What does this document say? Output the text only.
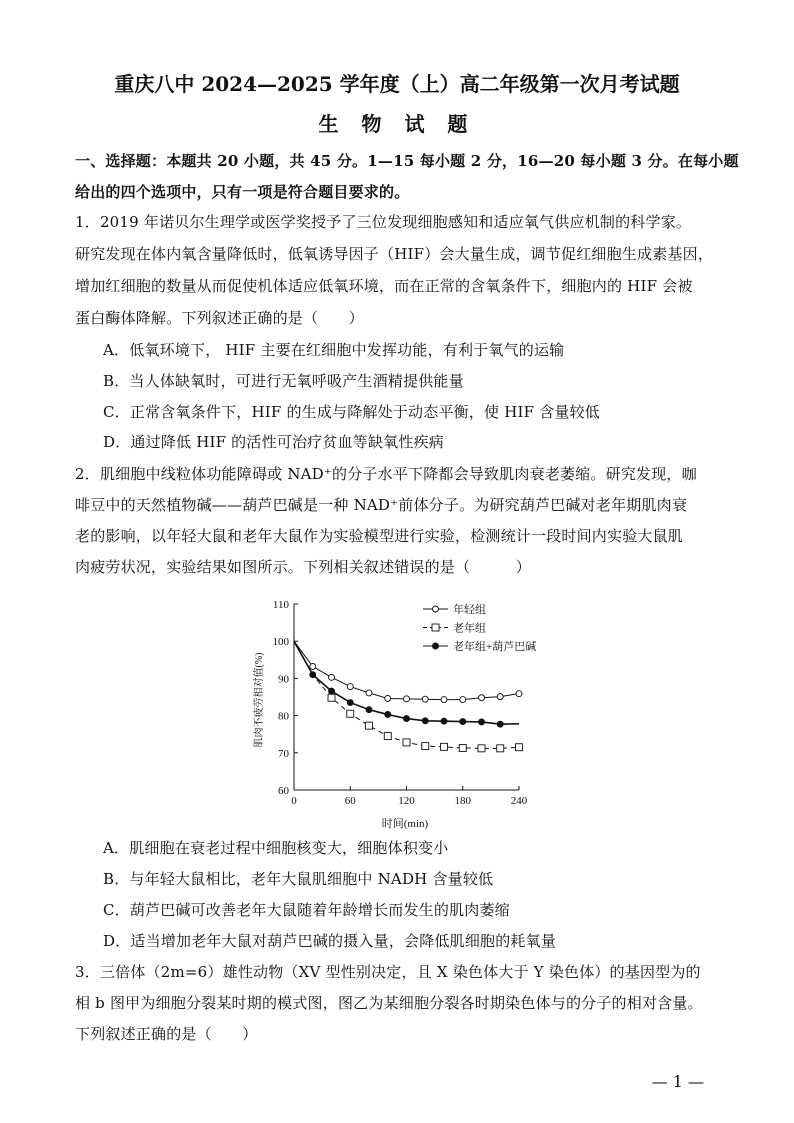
重庆八中 2024—2025 学年度（上）高二年级第一次月考试题
生 物 试 题
一、选择题：本题共 20 小题，共 45 分。1—15 每小题 2 分，16—20 每小题 3 分。在每小题
给出的四个选项中，只有一项是符合题目要求的。
1．2019 年诺贝尔生理学或医学奖授予了三位发现细胞感知和适应氧气供应机制的科学家。
研究发现在体内氧含量降低时，低氧诱导因子（HIF）会大量生成，调节促红细胞生成素基因，
增加红细胞的数量从而促使机体适应低氧环境，而在正常的含氧条件下，细胞内的 HIF 会被
蛋白酶体降解。下列叙述正确的是（　　）
A．低氧环境下， HIF 主要在红细胞中发挥功能，有利于氧气的运输
B．当人体缺氧时，可进行无氧呼吸产生酒精提供能量
C．正常含氧条件下，HIF 的生成与降解处于动态平衡，使 HIF 含量较低
D．通过降低 HIF 的活性可治疗贫血等缺氧性疾病
2．肌细胞中线粒体功能障碍或 NAD⁺的分子水平下降都会导致肌肉衰老萎缩。研究发现，咖
啡豆中的天然植物碱——葫芦巴碱是一种 NAD⁺前体分子。为研究葫芦巴碱对老年期肌肉衰
老的影响，以年轻大鼠和老年大鼠作为实验模型进行实验，检测统计一段时间内实验大鼠肌
肉疲劳状况，实验结果如图所示。下列相关叙述错误的是（　　　）
60
70
80
90
100
110
0	60	120	180	240
年轻组
老年组
老年组+葫芦巴碱
时间(min)
肌肉不疲劳相对值(%)
A．肌细胞在衰老过程中细胞核变大，细胞体积变小
B．与年轻大鼠相比，老年大鼠肌细胞中 NADH 含量较低
C．葫芦巴碱可改善老年大鼠随着年龄增长而发生的肌肉萎缩
D．适当增加老年大鼠对葫芦巴碱的摄入量，会降低肌细胞的耗氧量
3．三倍体（2m=6）雄性动物（XV 型性别决定，且 X 染色体大于 Y 染色体）的基因型为的
相 b 图甲为细胞分裂某时期的模式图，图乙为某细胞分裂各时期染色体与的分子的相对含量。
下列叙述正确的是（　　）
— 1 —
